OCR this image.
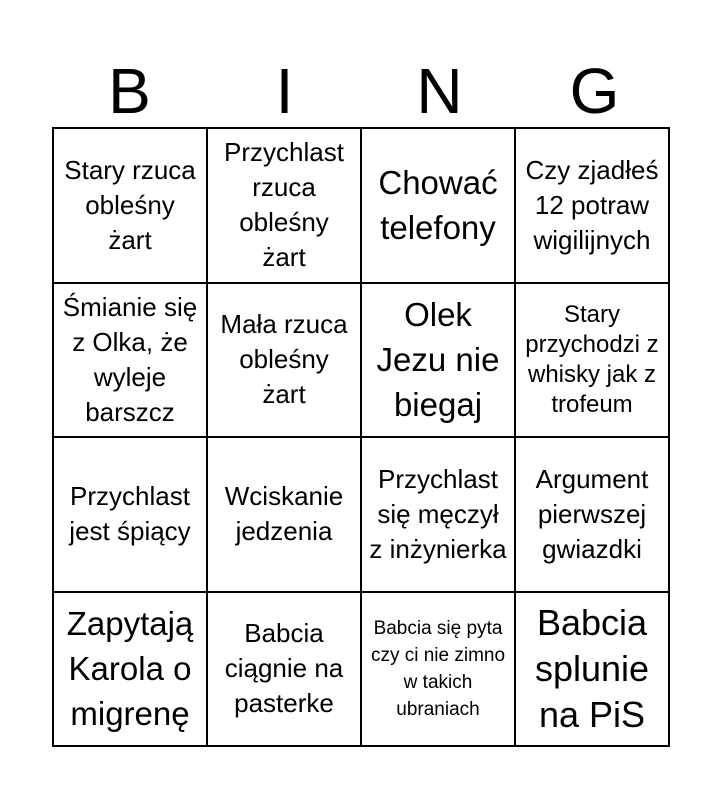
B	I	N	G
Stary rzuca obleśny żart
Przychlast rzuca obleśny żart
Chować telefony
Czy zjadłeś 12 potraw wigilijnych
Śmianie się z Olka, że wyleje barszcz
Mała rzuca obleśny żart
Olek Jezu nie biegaj
Stary przychodzi z whisky jak z trofeum
Przychlast jest śpiący
Wciskanie jedzenia
Przychlast się męczył z inżynierka
Argument pierwszej gwiazdki
Zapytają Karola o migrenę
Babcia ciągnie na pasterke
Babcia się pyta czy ci nie zimno w takich ubraniach
Babcia splunie na PiS
